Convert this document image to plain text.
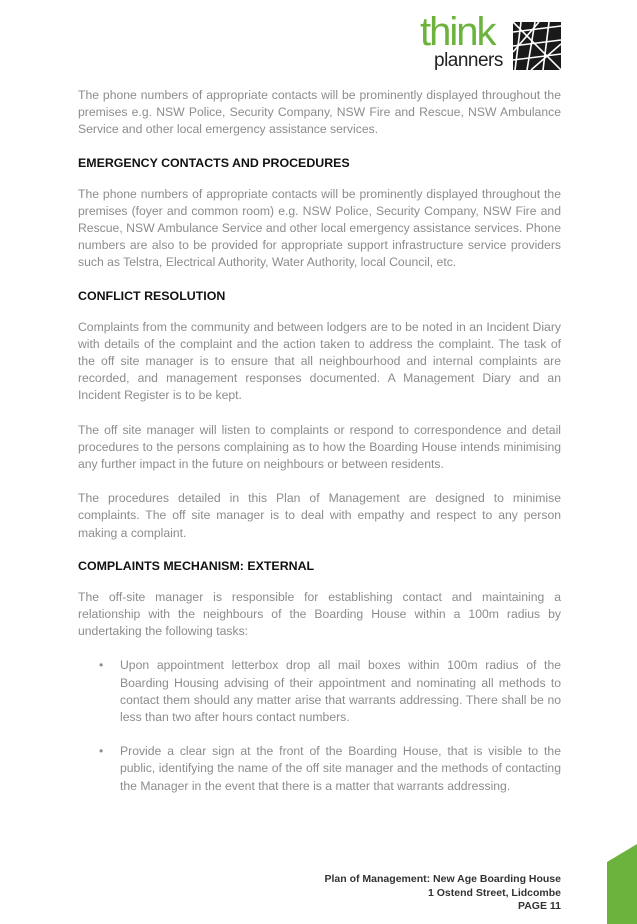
think
planners

The phone numbers of appropriate contacts will be prominently displayed throughout the premises e.g. NSW Police, Security Company, NSW Fire and Rescue, NSW Ambulance Service and other local emergency assistance services.

EMERGENCY CONTACTS AND PROCEDURES

The phone numbers of appropriate contacts will be prominently displayed throughout the premises (foyer and common room) e.g. NSW Police, Security Company, NSW Fire and Rescue, NSW Ambulance Service and other local emergency assistance services. Phone numbers are also to be provided for appropriate support infrastructure service providers such as Telstra, Electrical Authority, Water Authority, local Council, etc.

CONFLICT RESOLUTION

Complaints from the community and between lodgers are to be noted in an Incident Diary with details of the complaint and the action taken to address the complaint. The task of the off site manager is to ensure that all neighbourhood and internal complaints are recorded, and management responses documented. A Management Diary and an Incident Register is to be kept.

The off site manager will listen to complaints or respond to correspondence and detail procedures to the persons complaining as to how the Boarding House intends minimising any further impact in the future on neighbours or between residents.

The procedures detailed in this Plan of Management are designed to minimise complaints. The off site manager is to deal with empathy and respect to any person making a complaint.

COMPLAINTS MECHANISM: EXTERNAL

The off-site manager is responsible for establishing contact and maintaining a relationship with the neighbours of the Boarding House within a 100m radius by undertaking the following tasks:

• Upon appointment letterbox drop all mail boxes within 100m radius of the Boarding Housing advising of their appointment and nominating all methods to contact them should any matter arise that warrants addressing. There shall be no less than two after hours contact numbers.

• Provide a clear sign at the front of the Boarding House, that is visible to the public, identifying the name of the off site manager and the methods of contacting the Manager in the event that there is a matter that warrants addressing.

Plan of Management: New Age Boarding House
1 Ostend Street, Lidcombe
PAGE 11
